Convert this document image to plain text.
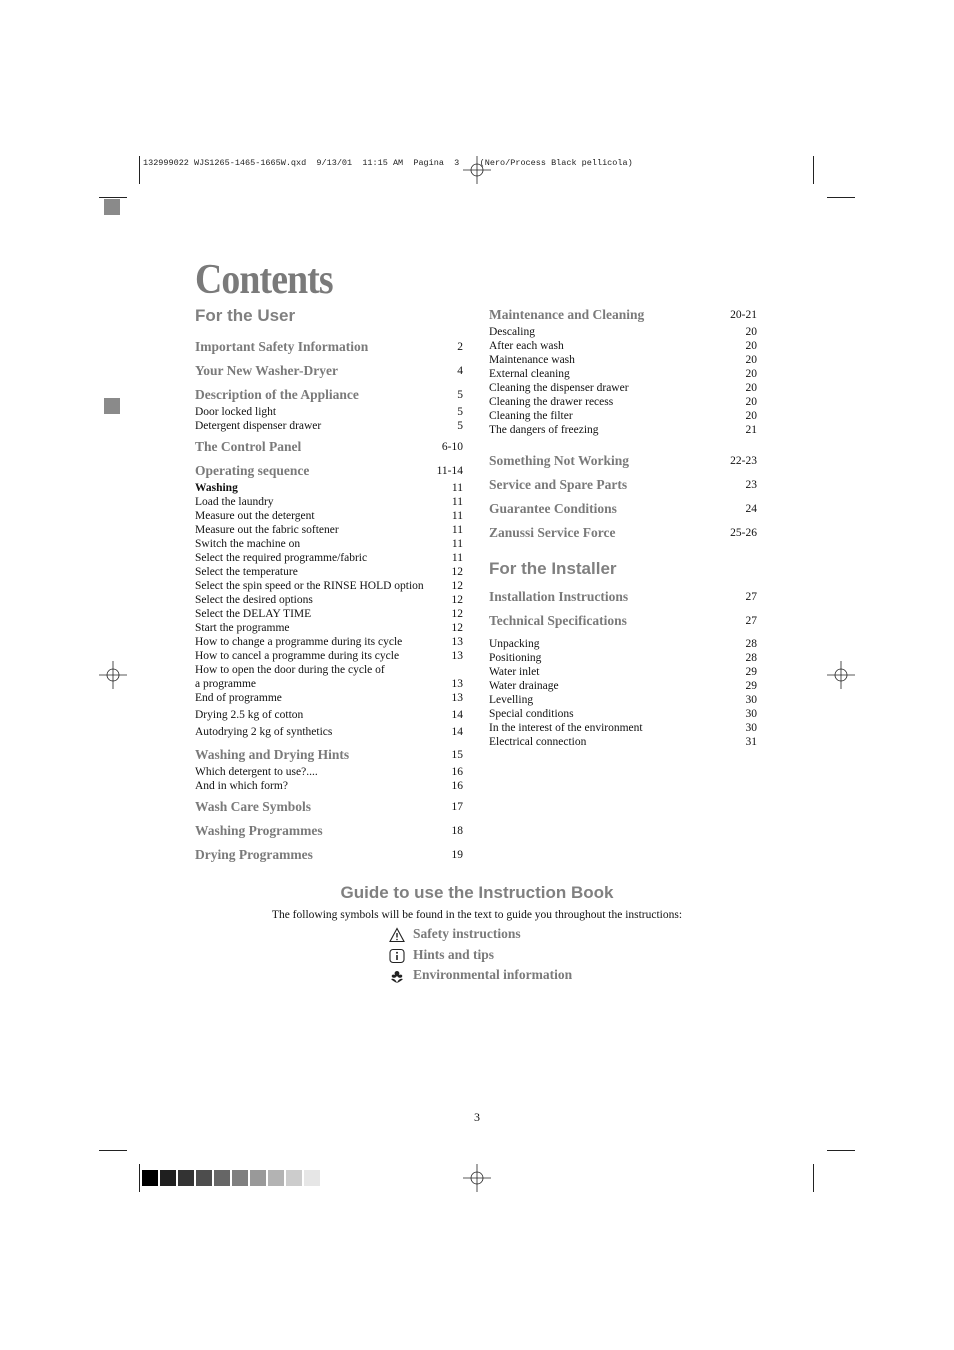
132999022 WJS1265-1465-1665W.qxd  9/13/01  11:15 AM  Pagina  3    (Nero/Process Black pellicola)
Contents
For the User
Important Safety Information	2
Your New Washer-Dryer	4
Description of the Appliance	5
Door locked light	5
Detergent dispenser drawer	5
The Control Panel	6-10
Operating sequence	11-14
Washing	11
Load the laundry	11
Measure out the detergent	11
Measure out the fabric softener	11
Switch the machine on	11
Select the required programme/fabric	11
Select the temperature	12
Select the spin speed or the RINSE HOLD option 12
Select the desired options	12
Select the DELAY TIME	12
Start the programme	12
How to change a programme during its cycle	13
How to cancel a programme during its cycle	13
How to open the door during the cycle of
a programme	13
End of programme	13
Drying 2.5 kg of cotton	14
Autodrying 2 kg of synthetics	14
Washing and Drying Hints	15
Which detergent to use?....	16
And in which form?	16
Wash Care Symbols	17
Washing Programmes	18
Drying Programmes	19
Maintenance and Cleaning	20-21
Descaling	20
After each wash	20
Maintenance wash	20
External cleaning	20
Cleaning the dispenser drawer	20
Cleaning the drawer recess	20
Cleaning the filter	20
The dangers of freezing	21
Something Not Working	22-23
Service and Spare Parts	23
Guarantee Conditions	24
Zanussi Service Force	25-26
For the Installer
Installation Instructions	27
Technical Specifications	27
Unpacking	28
Positioning	28
Water inlet	29
Water drainage	29
Levelling	30
Special conditions	30
In the interest of the environment	30
Electrical connection	31
Guide to use the Instruction Book
The following symbols will be found in the text to guide you throughout the instructions:
Safety instructions
Hints and tips
Environmental information
3
